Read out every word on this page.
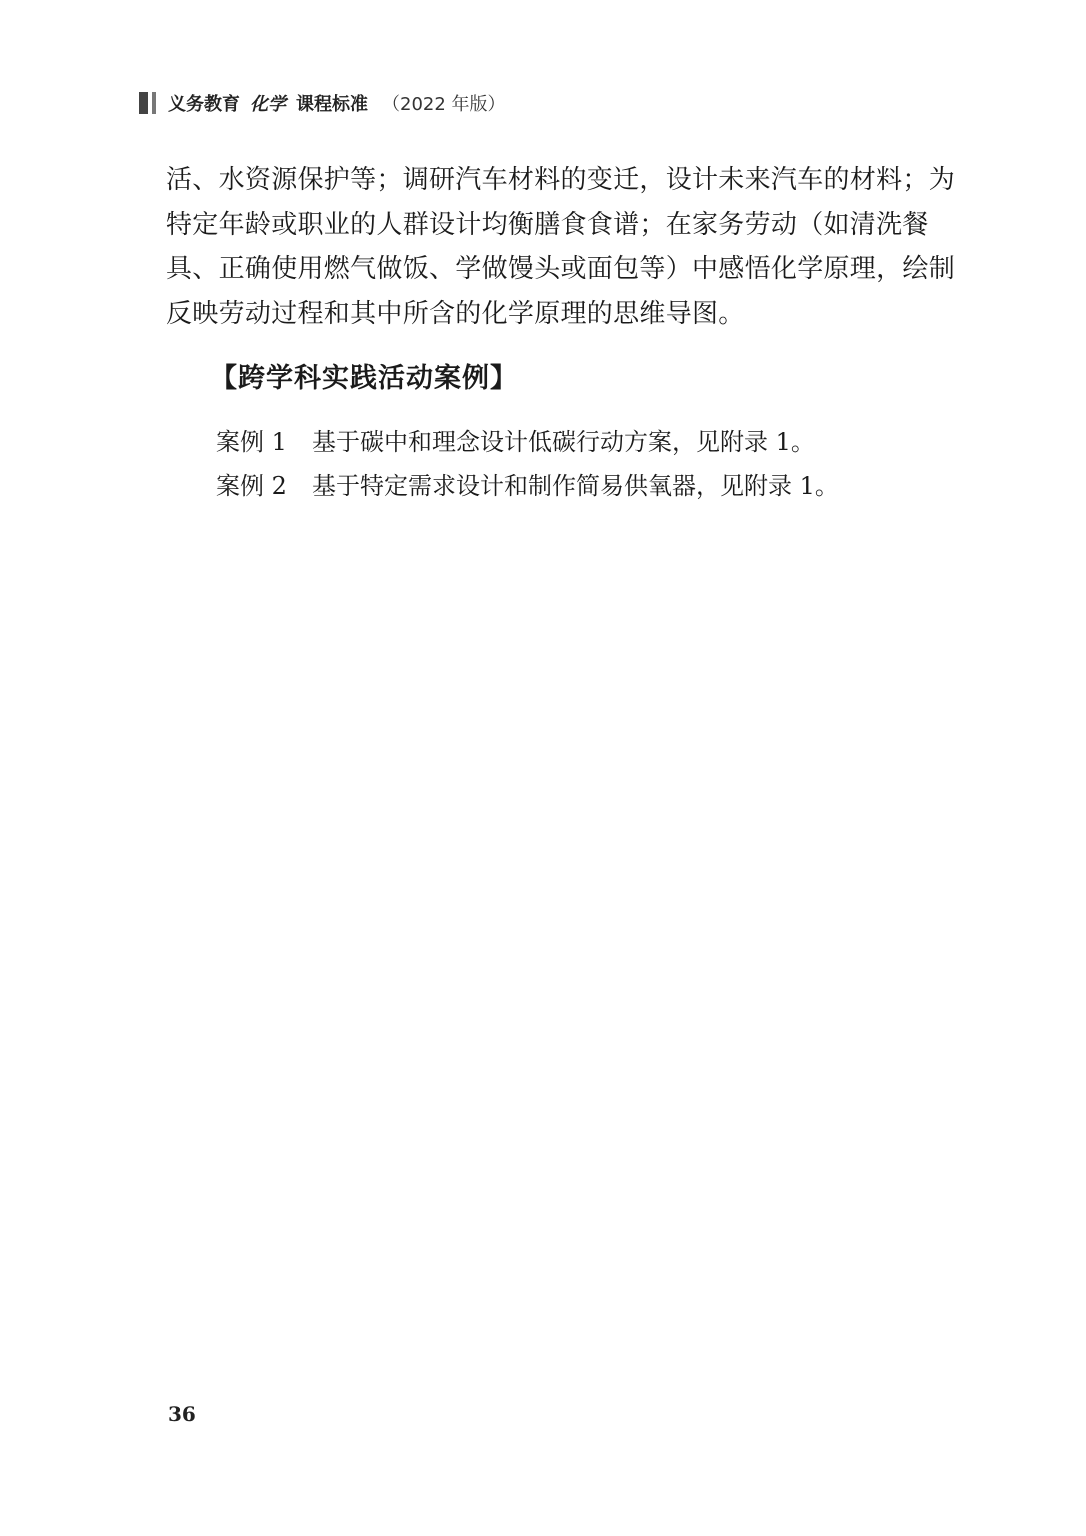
义务教育 化学 课程标准 （2022 年版）
活、水资源保护等；调研汽车材料的变迁，设计未来汽车的材料；为
特定年龄或职业的人群设计均衡膳食食谱；在家务劳动（如清洗餐
具、正确使用燃气做饭、学做馒头或面包等）中感悟化学原理，绘制
反映劳动过程和其中所含的化学原理的思维导图。
【跨学科实践活动案例】
案例 1	基于碳中和理念设计低碳行动方案，见附录 1。
案例 2	基于特定需求设计和制作简易供氧器，见附录 1。
36
